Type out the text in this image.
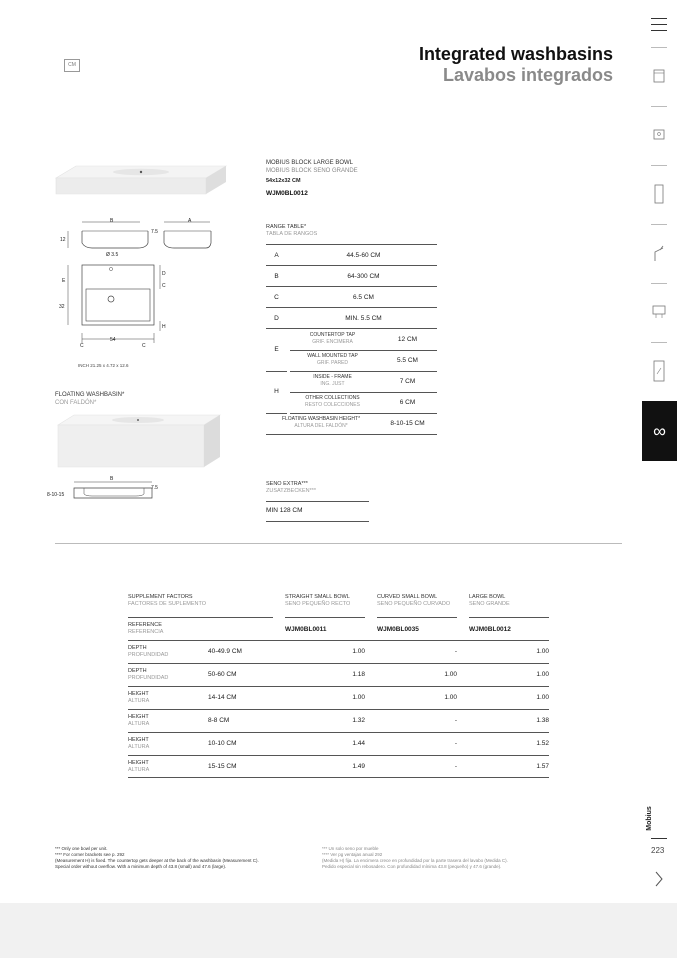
Integrated washbasins
Lavabos integrados
CM
B	A
12
7.5
Ø 3.5
E
D
C
32
H
54
C	C
INCH 21.25 x 4.72 x 12.6
FLOATING WASHBASIN*
CON FALDÓN*
B
7.5
8-10-15
MOBIUS BLOCK LARGE BOWL
MOBIUS BLOCK SENO GRANDE
54x12x32 CM
WJM0BL0012
RANGE TABLE*
TABLA DE RANGOS
A	44.5-60 CM
B	64-300 CM
C	6.5 CM
D	MIN. 5.5 CM
E
COUNTERTOP TAP
GRIF. ENCIMERA	12 CM
WALL MOUNTED TAP
GRIF. PARED	5.5 CM
H
INSIDE - FRAME
ING. JUST	7 CM
OTHER COLLECTIONS
RESTO COLECCIONES	6 CM
FLOATING WASHBASIN HEIGHT*
ALTURA DEL FALDÓN*	8-10-15 CM
SENO EXTRA***
ZUSATZBECKEN***
MIN 128 CM
SUPPLEMENT FACTORS
FACTORES DE SUPLEMENTO
STRAIGHT SMALL BOWL
SENO PEQUEÑO RECTO
CURVED SMALL BOWL
SENO PEQUEÑO CURVADO
LARGE BOWL
SENO GRANDE
REFERENCE
REFERENCIA	WJM0BL0011	WJM0BL0035	WJM0BL0012
DEPTH
PROFUNDIDAD	40-49.9 CM	1.00	-	1.00
DEPTH
PROFUNDIDAD	50-60 CM	1.18	1.00	1.00
HEIGHT
ALTURA	14-14 CM	1.00	1.00	1.00
HEIGHT
ALTURA	8-8 CM	1.32	-	1.38
HEIGHT
ALTURA	10-10 CM	1.44	-	1.52
HEIGHT
ALTURA	15-15 CM	1.49	-	1.57
*** Only one bowl per unit.
**** For corner brackets see p. 292
(Measurement H) is fixed. The countertop gets deeper at the back of the washbasin (Measurement C).
Special order without overflow. With a minimum depth of 43.8 (small) and 47.6 (large).
*** Un solo seno por mueble
**** Ver pg ventajas anual 292
(Medida H) fija. La encimera crece en profundidad por la parte trasera del lavabo (Medida C).
Pedido especial sin rebosadero. Con profundidad mínima 43.8 (pequeño) y 47.6 (grande).
∞
Mobius
223
